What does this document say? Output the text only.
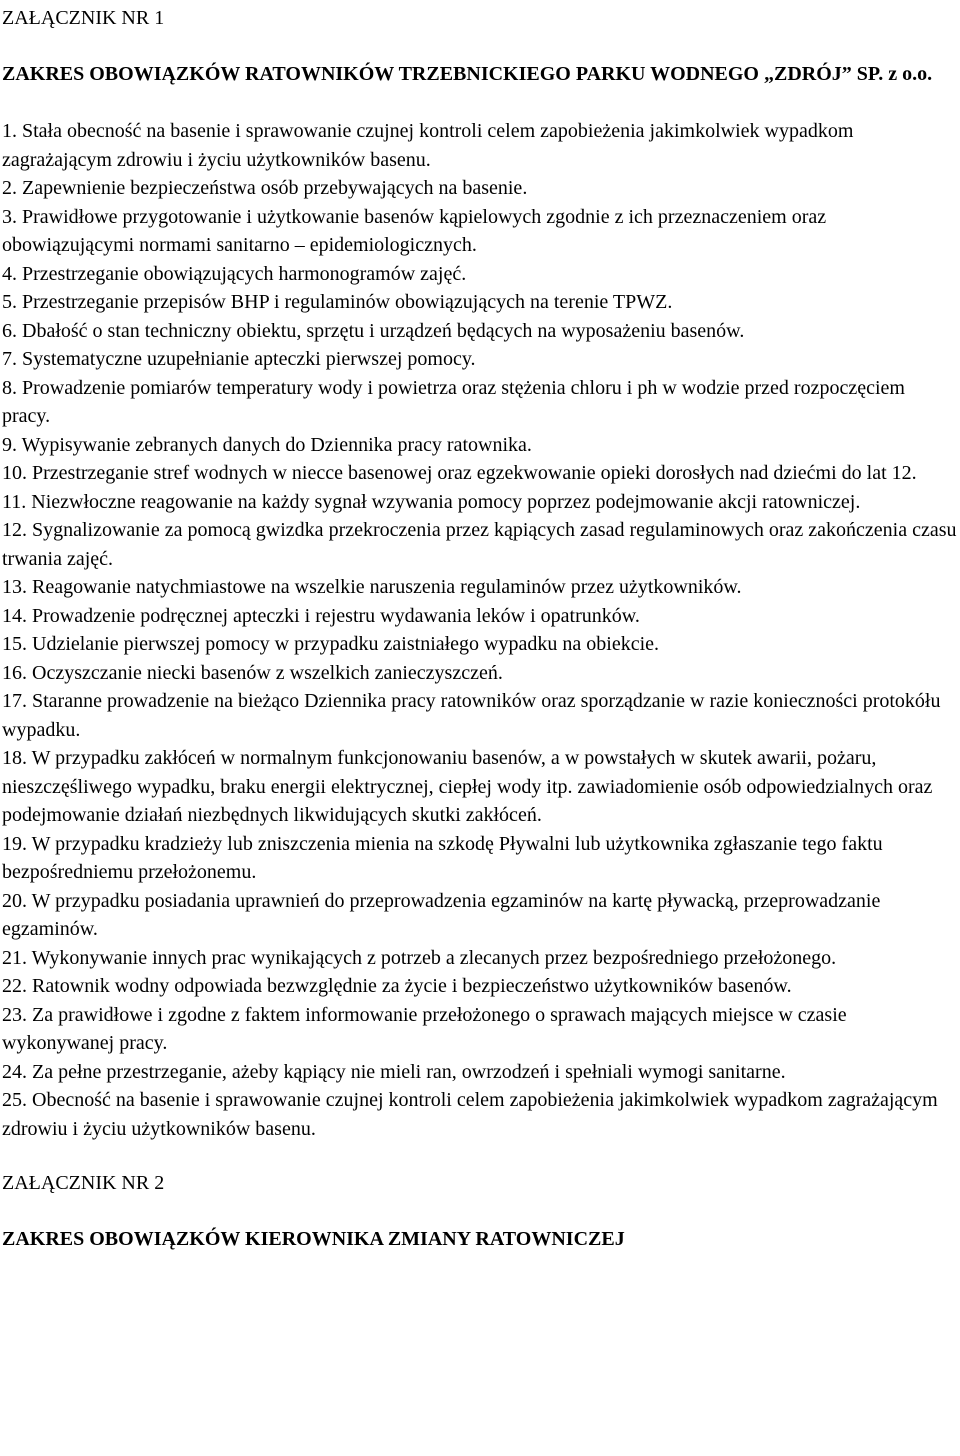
ZAŁĄCZNIK NR 1

ZAKRES OBOWIĄZKÓW RATOWNIKÓW TRZEBNICKIEGO PARKU WODNEGO „ZDRÓJ” SP. z o.o.

1. Stała obecność na basenie i sprawowanie czujnej kontroli celem zapobieżenia jakimkolwiek wypadkom zagrażającym zdrowiu i życiu użytkowników basenu.
2. Zapewnienie bezpieczeństwa osób przebywających na basenie.
3. Prawidłowe przygotowanie i użytkowanie basenów kąpielowych zgodnie z ich przeznaczeniem oraz obowiązującymi normami sanitarno – epidemiologicznych.
4. Przestrzeganie obowiązujących harmonogramów zajęć.
5. Przestrzeganie przepisów BHP i regulaminów obowiązujących na terenie TPWZ.
6. Dbałość o stan techniczny obiektu, sprzętu i urządzeń będących na wyposażeniu basenów.
7. Systematyczne uzupełnianie apteczki pierwszej pomocy.
8. Prowadzenie pomiarów temperatury wody i powietrza oraz stężenia chloru i ph w wodzie przed rozpoczęciem pracy.
9. Wypisywanie zebranych danych do Dziennika pracy ratownika.
10. Przestrzeganie stref wodnych w niecce basenowej oraz egzekwowanie opieki dorosłych nad dziećmi do lat 12.
11. Niezwłoczne reagowanie na każdy sygnał wzywania pomocy poprzez podejmowanie akcji ratowniczej.
12. Sygnalizowanie za pomocą gwizdka przekroczenia przez kąpiących zasad regulaminowych oraz zakończenia czasu trwania zajęć.
13. Reagowanie natychmiastowe na wszelkie naruszenia regulaminów przez użytkowników.
14. Prowadzenie podręcznej apteczki i rejestru wydawania leków i opatrunków.
15. Udzielanie pierwszej pomocy w przypadku zaistniałego wypadku na obiekcie.
16. Oczyszczanie niecki basenów z wszelkich zanieczyszczeń.
17. Staranne prowadzenie na bieżąco Dziennika pracy ratowników oraz sporządzanie w razie konieczności protokółu wypadku.
18. W przypadku zakłóceń w normalnym funkcjonowaniu basenów, a w powstałych w skutek awarii, pożaru, nieszczęśliwego wypadku, braku energii elektrycznej, ciepłej wody itp. zawiadomienie osób odpowiedzialnych oraz podejmowanie działań niezbędnych likwidujących skutki zakłóceń.
19. W przypadku kradzieży lub zniszczenia mienia na szkodę Pływalni lub użytkownika zgłaszanie tego faktu bezpośredniemu przełożonemu.
20. W przypadku posiadania uprawnień do przeprowadzenia egzaminów na kartę pływacką, przeprowadzanie egzaminów.
21. Wykonywanie innych prac wynikających z potrzeb a zlecanych przez bezpośredniego przełożonego.
22. Ratownik wodny odpowiada bezwzględnie za życie i bezpieczeństwo użytkowników basenów.
23. Za prawidłowe i zgodne z faktem informowanie przełożonego o sprawach mających miejsce w czasie wykonywanej pracy.
24. Za pełne przestrzeganie, ażeby kąpiący nie mieli ran, owrzodzeń i spełniali wymogi sanitarne.
25. Obecność na basenie i sprawowanie czujnej kontroli celem zapobieżenia jakimkolwiek wypadkom zagrażającym zdrowiu i życiu użytkowników basenu.

ZAŁĄCZNIK NR 2

ZAKRES OBOWIĄZKÓW KIEROWNIKA ZMIANY RATOWNICZEJ
